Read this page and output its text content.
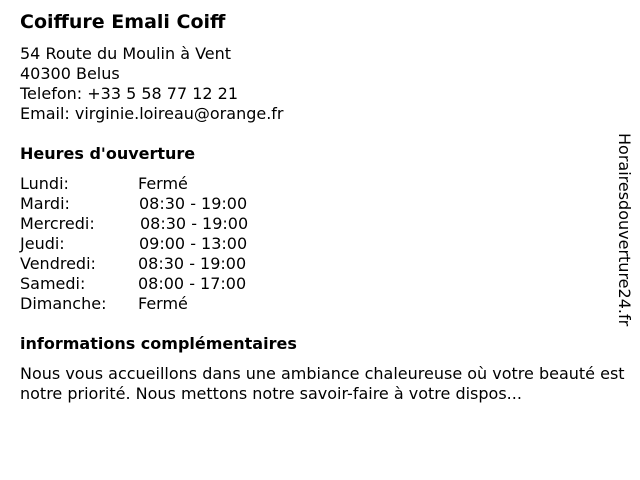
Coiffure Emali Coiff
54 Route du Moulin à Vent
40300 Belus
Telefon: +33 5 58 77 12 21
Email: virginie.loireau@orange.fr
Heures d'ouverture
Lundi:	Fermé
Mardi:	08:30 - 19:00
Mercredi:	08:30 - 19:00
Jeudi:	09:00 - 13:00
Vendredi:	08:30 - 19:00
Samedi:	08:00 - 17:00
Dimanche: Fermé
informations complémentaires
Nous vous accueillons dans une ambiance chaleureuse où votre beauté est notre priorité. Nous mettons notre savoir-faire à votre dispos...
Horairesdouverture24.fr
